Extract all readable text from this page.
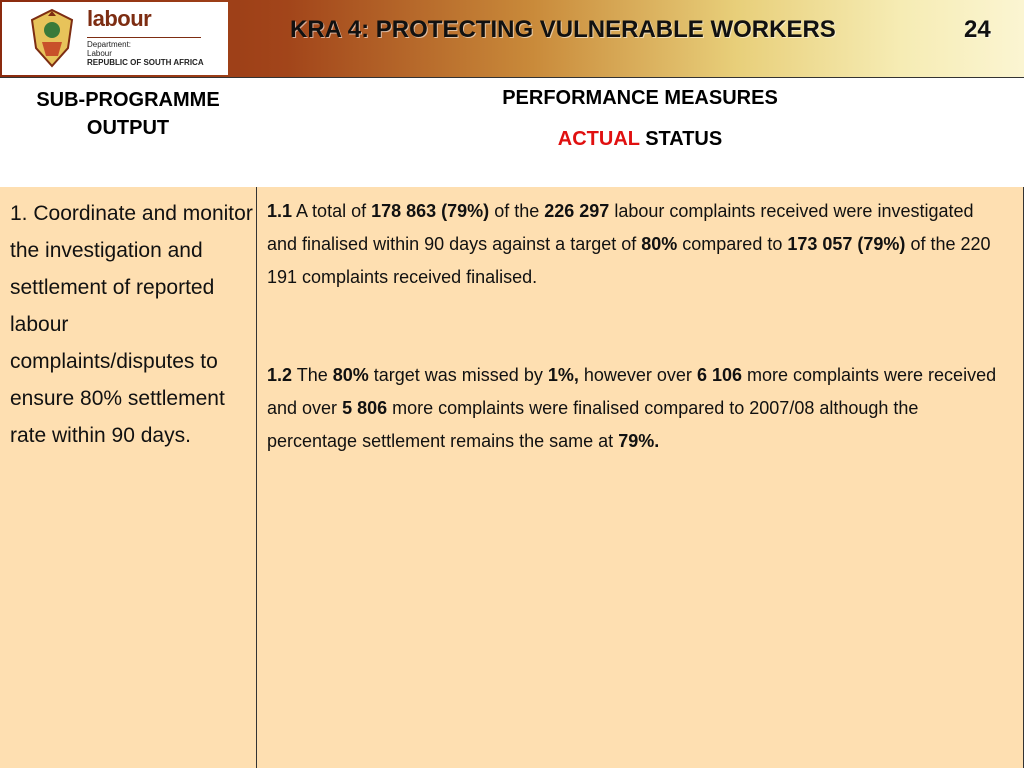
labour
Department:
Labour
REPUBLIC OF SOUTH AFRICA
KRA 4: PROTECTING VULNERABLE WORKERS	24
SUB-PROGRAMME
OUTPUT
PERFORMANCE MEASURES
ACTUAL STATUS
1. Coordinate and monitor the investigation and settlement of reported labour complaints/disputes to ensure 80% settlement rate within 90 days.

1.1 A total of 178 863 (79%) of the 226 297 labour complaints received were investigated and finalised within 90 days against a target of 80% compared to 173 057 (79%) of the 220 191 complaints received finalised.

1.2 The 80% target was missed by 1%, however over 6 106 more complaints were received and over 5 806 more complaints were finalised compared to 2007/08 although the percentage settlement remains the same at 79%.
